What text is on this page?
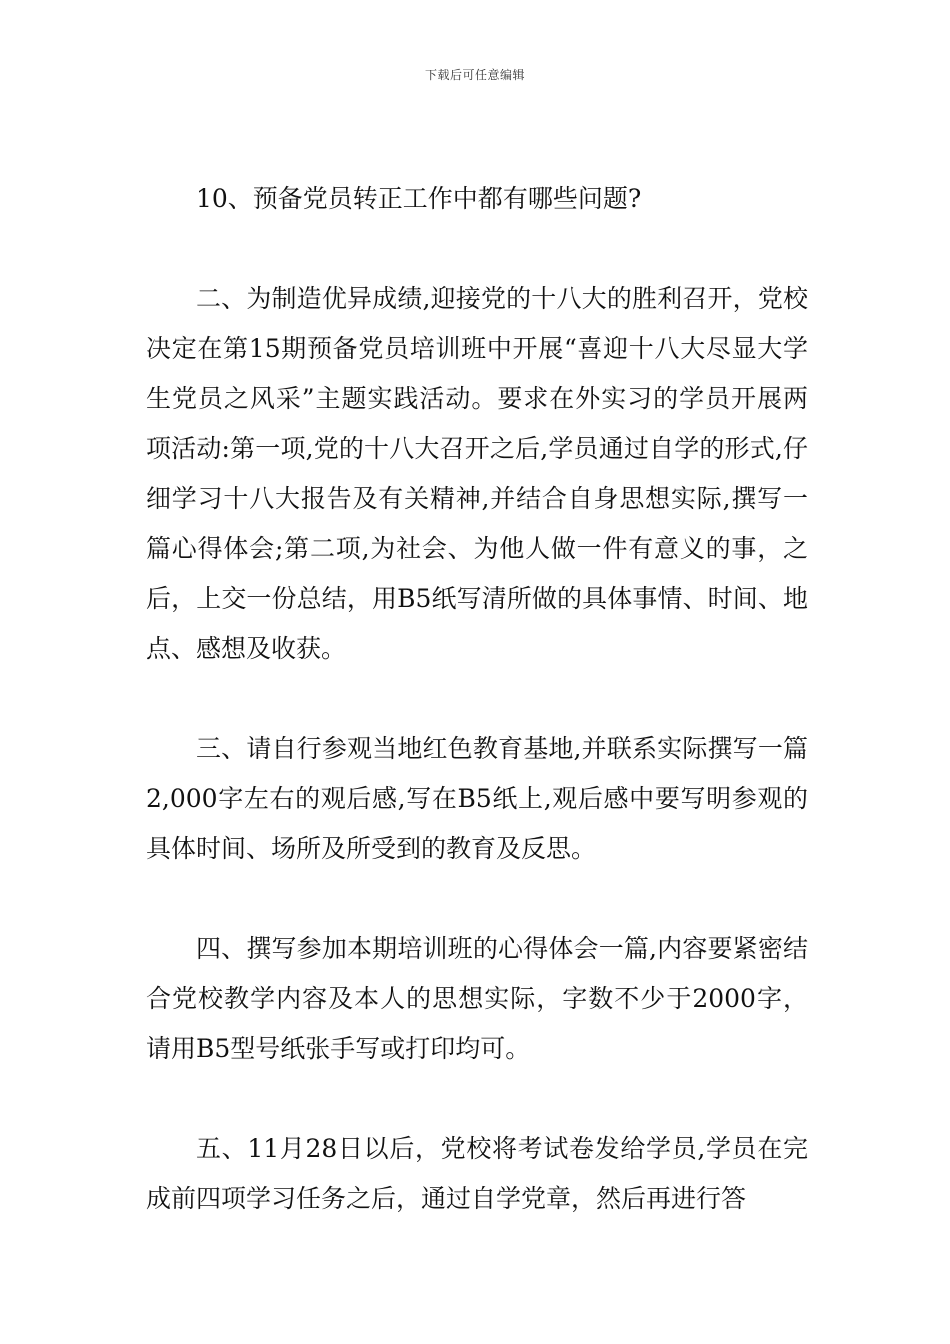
下载后可任意编辑

10、预备党员转正工作中都有哪些问题?

二、为制造优异成绩,迎接党的十八大的胜利召开，党校决定在第15期预备党员培训班中开展“喜迎十八大尽显大学生党员之风采”主题实践活动。要求在外实习的学员开展两项活动:第一项,党的十八大召开之后,学员通过自学的形式,仔细学习十八大报告及有关精神,并结合自身思想实际,撰写一篇心得体会;第二项,为社会、为他人做一件有意义的事，之后，上交一份总结，用B5纸写清所做的具体事情、时间、地点、感想及收获。

三、请自行参观当地红色教育基地,并联系实际撰写一篇2,000字左右的观后感,写在B5纸上,观后感中要写明参观的具体时间、场所及所受到的教育及反思。

四、撰写参加本期培训班的心得体会一篇,内容要紧密结合党校教学内容及本人的思想实际，字数不少于2000字，请用B5型号纸张手写或打印均可。

五、11月28日以后，党校将考试卷发给学员,学员在完成前四项学习任务之后，通过自学党章，然后再进行答
